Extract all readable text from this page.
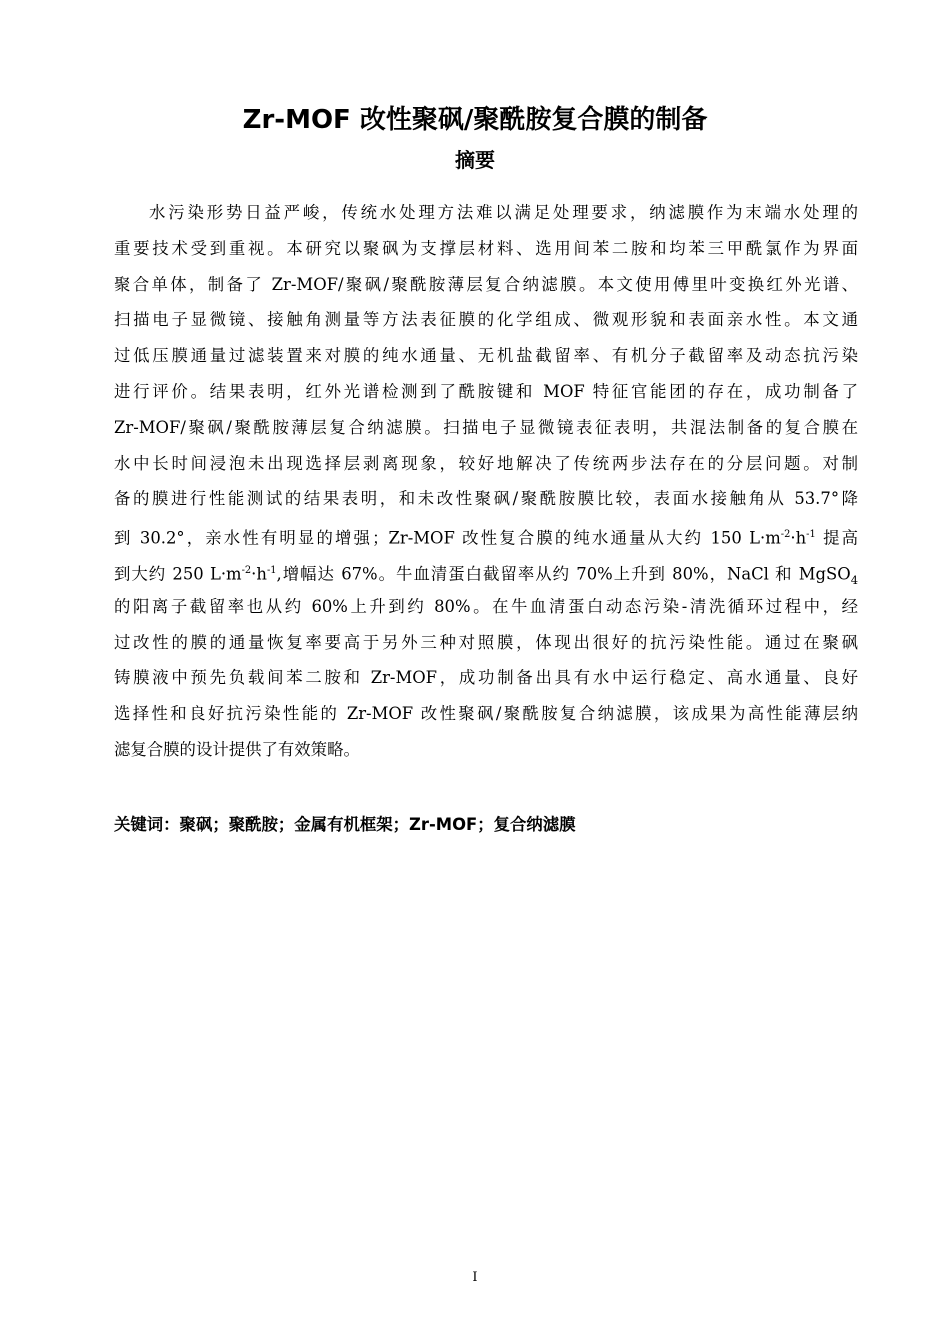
Zr-MOF 改性聚砜/聚酰胺复合膜的制备
摘要
水污染形势日益严峻，传统水处理方法难以满足处理要求，纳滤膜作为末端水处理的
重要技术受到重视。本研究以聚砜为支撑层材料、选用间苯二胺和均苯三甲酰氯作为界面
聚合单体，制备了 Zr-MOF/聚砜/聚酰胺薄层复合纳滤膜。本文使用傅里叶变换红外光谱、
扫描电子显微镜、接触角测量等方法表征膜的化学组成、微观形貌和表面亲水性。本文通
过低压膜通量过滤装置来对膜的纯水通量、无机盐截留率、有机分子截留率及动态抗污染
进行评价。结果表明，红外光谱检测到了酰胺键和 MOF 特征官能团的存在，成功制备了
Zr-MOF/聚砜/聚酰胺薄层复合纳滤膜。扫描电子显微镜表征表明，共混法制备的复合膜在
水中长时间浸泡未出现选择层剥离现象，较好地解决了传统两步法存在的分层问题。对制
备的膜进行性能测试的结果表明，和未改性聚砜/聚酰胺膜比较，表面水接触角从 53.7°降
到 30.2°，亲水性有明显的增强；Zr-MOF 改性复合膜的纯水通量从大约 150 $L\cdot m^{-2}\cdot h^{-1}$ 提高
到大约 250 $L\cdot m^{-2}\cdot h^{-1}$,增幅达 67%。牛血清蛋白截留率从约 70%上升到 80%，NaCl 和 MgSO$_4$
的阳离子截留率也从约 60%上升到约 80%。在牛血清蛋白动态污染-清洗循环过程中，经
过改性的膜的通量恢复率要高于另外三种对照膜，体现出很好的抗污染性能。通过在聚砜
铸膜液中预先负载间苯二胺和 Zr-MOF，成功制备出具有水中运行稳定、高水通量、良好
选择性和良好抗污染性能的 Zr-MOF 改性聚砜/聚酰胺复合纳滤膜，该成果为高性能薄层纳
滤复合膜的设计提供了有效策略。
关键词：聚砜；聚酰胺；金属有机框架；Zr-MOF；复合纳滤膜
I
